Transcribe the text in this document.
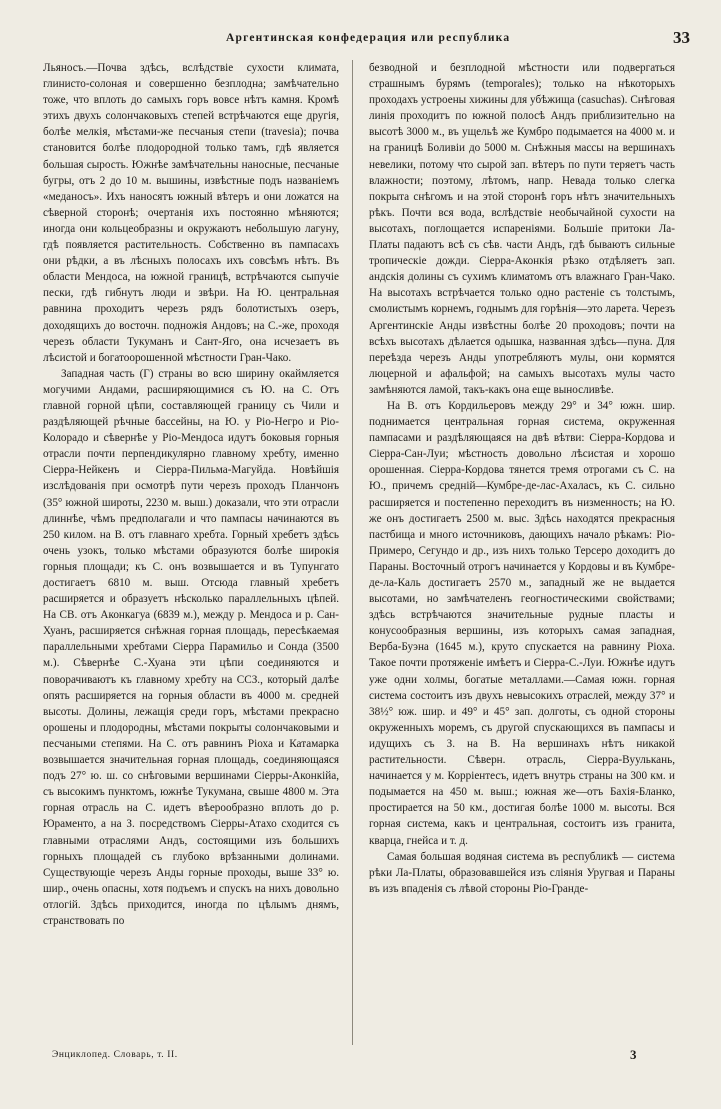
Аргентинская конфедерация или республика	33

Льяносъ.—Почва здѣсь, вслѣдствіе сухости климата, глинисто-солоная и совершенно безплодна; замѣчательно тоже, что вплоть до самыхъ горъ вовсе нѣтъ камня. Кромѣ этихъ двухъ солончаковыхъ степей встрѣчаются еще другія, болѣе мелкія, мѣстами-же песчаныя степи (travesia); почва становится болѣе плодородной только тамъ, гдѣ является большая сырость. Южнѣе замѣчательны наносные, песчаные бугры, отъ 2 до 10 м. вышины, извѣстные подъ названіемъ «меданосъ». Ихъ наносятъ южный вѣтеръ и они ложатся на сѣверной сторонѣ; очертанія ихъ постоянно мѣняются; иногда они кольцеобразны и окружаютъ небольшую лагуну, гдѣ появляется растительность. Собственно въ пампасахъ они рѣдки, а въ лѣсныхъ полосахъ ихъ совсѣмъ нѣтъ. Въ области Мендоса, на южной границѣ, встрѣчаются сыпучіе пески, гдѣ гибнутъ люди и звѣри. На Ю. центральная равнина проходитъ черезъ рядъ болотистыхъ озеръ, доходящихъ до восточн. подножія Андовъ; на С.-же, проходя черезъ области Тукуманъ и Сант-Яго, она исчезаетъ въ лѣсистой и богатоорошенной мѣстности Гран-Чако.

Западная часть (Г) страны во всю ширину окаймляется могучими Андами, расширяющимися съ Ю. на С. Отъ главной горной цѣпи, составляющей границу съ Чили и раздѣляющей рѣчные бассейны, на Ю. у Ріо-Негро и Ріо-Колорадо и сѣвернѣе у Ріо-Мендоса идутъ боковыя горныя отрасли почти перпендикулярно главному хребту, именно Сіерра-Нейкенъ и Сіерра-Пильма-Магуйда. Новѣйшія изслѣдованія при осмотрѣ пути черезъ проходъ Планчонъ (35° южной широты, 2230 м. выш.) доказали, что эти отрасли длиннѣе, чѣмъ предполагали и что пампасы начинаются въ 250 килом. на В. отъ главнаго хребта. Горный хребетъ здѣсь очень узокъ, только мѣстами образуются болѣе широкія горныя площади; къ С. онъ возвышается и въ Тупунгато достигаетъ 6810 м. выш. Отсюда главный хребетъ расширяется и образуетъ нѣсколько параллельныхъ цѣпей. На СВ. отъ Аконкагуа (6839 м.), между р. Мендоса и р. Сан-Хуанъ, расширяется снѣжная горная площадь, пересѣкаемая параллельными хребтами Сіерра Парамильо и Сонда (3500 м.). Сѣвернѣе С.-Хуана эти цѣпи соединяются и поворачиваютъ къ главному хребту на ССЗ., который далѣе опять расширяется на горныя области въ 4000 м. средней высоты. Долины, лежащія среди горъ, мѣстами прекрасно орошены и плодородны, мѣстами покрыты солончаковыми и песчаными степями. На С. отъ равнинъ Ріоха и Катамарка возвышается значительная горная площадь, соединяющаяся подъ 27° ю. ш. со снѣговыми вершинами Сіерры-Аконкійа, съ высокимъ пунктомъ, южнѣе Тукумана, свыше 4800 м. Эта горная отрасль на С. идетъ вѣерообразно вплоть до р. Юраменто, а на З. посредствомъ Сіерры-Атахо сходится съ главными отраслями Андъ, состоящими изъ большихъ горныхъ площадей съ глубоко врѣзанными долинами. Существующіе черезъ Анды горные проходы, выше 33° ю. шир., очень опасны, хотя подъемъ и спускъ на нихъ довольно отлогій. Здѣсь приходится, иногда по цѣлымъ днямъ, странствовать по

безводной и безплодной мѣстности или подвергаться страшнымъ бурямъ (temporales); только на нѣкоторыхъ проходахъ устроены хижины для убѣжища (casuchas). Снѣговая линія проходитъ по южной полосѣ Андъ приблизительно на высотѣ 3000 м., въ ущельѣ же Кумбро подымается на 4000 м. и на границѣ Боливіи до 5000 м. Снѣжныя массы на вершинахъ невелики, потому что сырой зап. вѣтеръ по пути теряетъ часть влажности; поэтому, лѣтомъ, напр. Невада только слегка покрыта снѣгомъ и на этой сторонѣ горъ нѣтъ значительныхъ рѣкъ. Почти вся вода, вслѣдствіе необычайной сухости на высотахъ, поглощается испареніями. Большіе притоки Ла-Платы падаютъ всѣ съ сѣв. части Андъ, гдѣ бываютъ сильные тропическіе дожди. Сіерра-Аконкія рѣзко отдѣляетъ зап. андскія долины съ сухимъ климатомъ отъ влажнаго Гран-Чако. На высотахъ встрѣчается только одно растеніе съ толстымъ, смолистымъ корнемъ, годнымъ для горѣнія—это ларета. Черезъ Аргентинскіе Анды извѣстны болѣе 20 проходовъ; почти на всѣхъ высотахъ дѣлается одышка, названная здѣсь—пуна. Для переѣзда черезъ Анды употребляютъ мулы, они кормятся люцерной и афальфой; на самыхъ высотахъ мулы часто замѣняются ламой, такъ-какъ она еще выносливѣе.

На В. отъ Кордильеровъ между 29° и 34° южн. шир. поднимается центральная горная система, окруженная пампасами и раздѣляющаяся на двѣ вѣтви: Сіерра-Кордова и Сіерра-Сан-Луи; мѣстность довольно лѣсистая и хорошо орошенная. Сіерра-Кордова тянется тремя отрогами съ С. на Ю., причемъ средній—Кумбре-де-лас-Ахаласъ, къ С. сильно расширяется и постепенно переходитъ въ низменность; на Ю. же онъ достигаетъ 2500 м. выс. Здѣсь находятся прекрасныя пастбища и много источниковъ, дающихъ начало рѣкамъ: Ріо-Примеро, Сегундо и др., изъ нихъ только Терсеро доходитъ до Параны. Восточный отрогъ начинается у Кордовы и въ Кумбре-де-ла-Каль достигаетъ 2570 м., западный же не выдается высотами, но замѣчателенъ геогностическими свойствами; здѣсь встрѣчаются значительные рудные пласты и конусообразныя вершины, изъ которыхъ самая западная, Верба-Буэна (1645 м.), круто спускается на равнину Ріоха. Такое почти протяженіе имѣетъ и Сіерра-С.-Луи. Южнѣе идутъ уже одни холмы, богатые металлами.—Самая южн. горная система состоитъ изъ двухъ невысокихъ отраслей, между 37° и 38½° юж. шир. и 49° и 45° зап. долготы, съ одной стороны окруженныхъ моремъ, съ другой спускающихся въ пампасы и идущихъ съ З. на В. На вершинахъ нѣтъ никакой растительности. Сѣверн. отрасль, Сіерра-Вуулькань, начинается у м. Корріентесъ, идетъ внутрь страны на 300 км. и подымается на 450 м. выш.; южная же—отъ Бахія-Бланко, простирается на 50 км., достигая болѣе 1000 м. высоты. Вся горная система, какъ и центральная, состоитъ изъ гранита, кварца, гнейса и т. д.

Самая большая водяная система въ республикѣ — система рѣки Ла-Платы, образовавшейся изъ сліянія Уругвая и Параны въ изъ впаденія съ лѣвой стороны Ріо-Гранде-

Энциклопед. Словарь, т. II.	3
